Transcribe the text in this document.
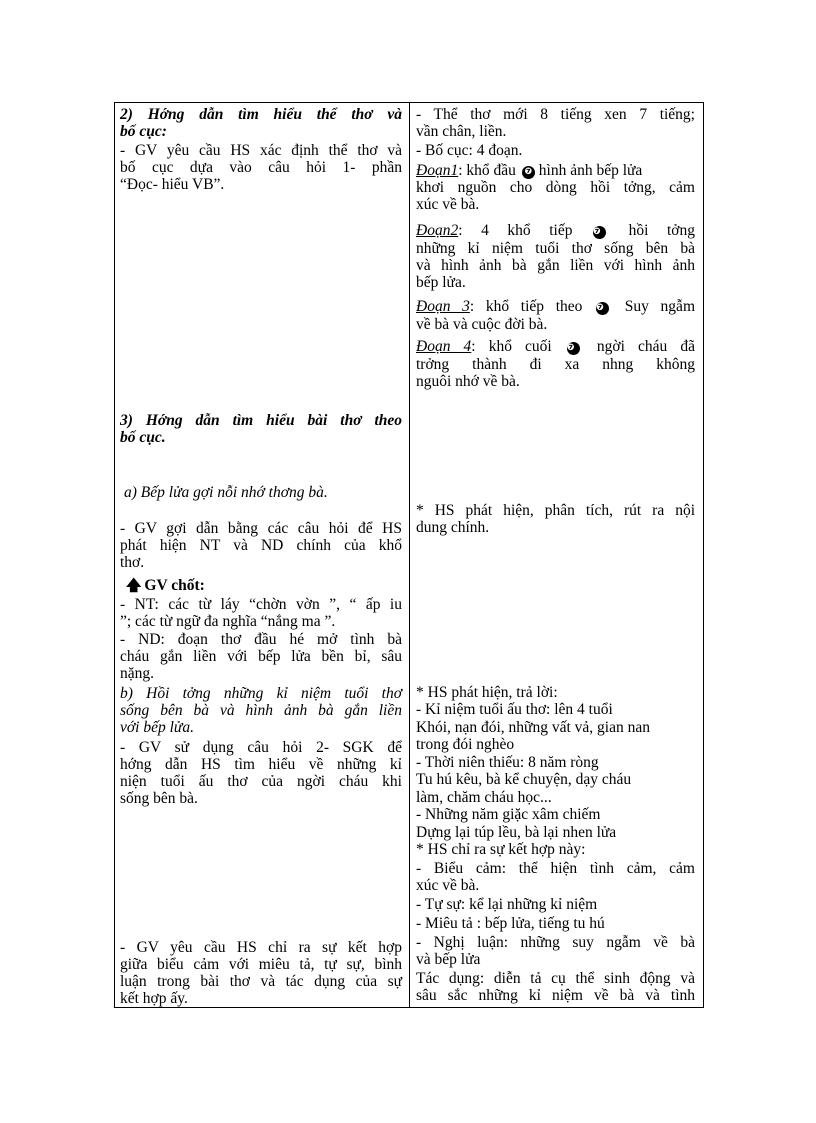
2) Hớng dẫn tìm hiểu thể thơ và
bố cục:
- GV yêu cầu HS xác định thể thơ và
bố cục dựa vào câu hỏi 1- phần
“Đọc- hiểu VB”.
3) Hớng dẫn tìm hiểu bài thơ theo
bố cục.
a) Bếp lửa gợi nỗi nhớ thơng bà.
- GV gợi dẫn bằng các câu hỏi để HS
phát hiện NT và ND chính của khổ
thơ.
🡅 GV chốt:
- NT: các từ láy “chờn vờn ”, “ ấp iu
”; các từ ngữ đa nghĩa “nắng ma ”.
- ND: đoạn thơ đầu hé mở tình bà
cháu gắn liền với bếp lửa bền bỉ, sâu
nặng.
b) Hồi tởng những kỉ niệm tuổi thơ
sống bên bà và hình ảnh bà gắn liền
với bếp lửa.
- GV sử dụng câu hỏi 2- SGK để
hớng dẫn HS tìm hiểu về những kỉ
niện tuổi ấu thơ của ngời cháu khi
sống bên bà.
- GV yêu cầu HS chỉ ra sự kết hợp
giữa biểu cảm với miêu tả, tự sự, bình
luận trong bài thơ và tác dụng của sự
kết hợp ấy.
- Thể thơ mới 8 tiếng xen 7 tiếng;
vần chân, liền.
- Bố cục: 4 đoạn.
Đoạn1: khổ đầu ❼ hình ảnh bếp lửa
khơi nguồn cho dòng hồi tởng, cảm
xúc về bà.
Đoạn2: 4 khổ tiếp ❼ hồi tởng
những kỉ niệm tuổi thơ sống bên bà
và hình ảnh bà gắn liền với hình ảnh
bếp lửa.
Đoạn 3: khổ tiếp theo ❼ Suy ngẫm
về bà và cuộc đời bà.
Đoạn 4: khổ cuối ❼ ngời cháu đã
trởng thành đi xa nhng không
nguôi nhớ về bà.
* HS phát hiện, phân tích, rút ra nội
dung chính.
* HS phát hiện, trả lời:
- Kỉ niệm tuổi ấu thơ: lên 4 tuổi
Khói, nạn đói, những vất vả, gian nan
trong đói nghèo
- Thời niên thiếu: 8 năm ròng
Tu hú kêu, bà kể chuyện, dạy cháu
làm, chăm cháu học...
- Những năm giặc xâm chiếm
Dựng lại túp lều, bà lại nhen lửa
* HS chỉ ra sự kết hợp này:
- Biểu cảm: thể hiện tình cảm, cảm
xúc về bà.
- Tự sự: kể lại những kỉ niệm
- Miêu tả : bếp lửa, tiếng tu hú
- Nghị luận: những suy ngẫm về bà
và bếp lửa
Tác dụng: diễn tả cụ thể sinh động và
sâu sắc những kỉ niệm về bà và tình
